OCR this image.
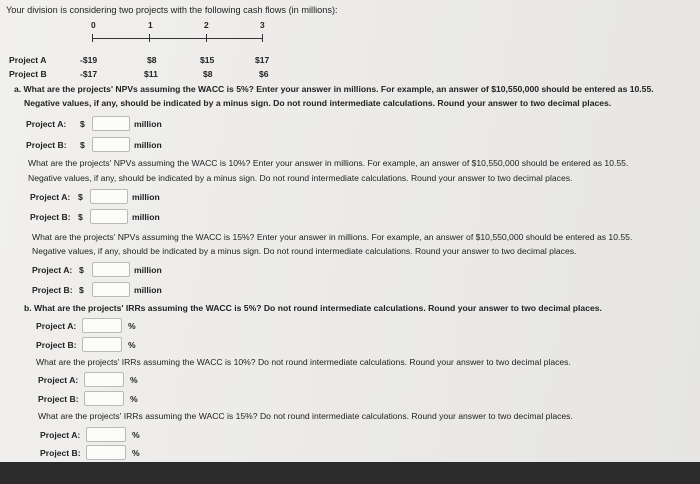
Your division is considering two projects with the following cash flows (in millions):
0	1	2	3
Project A	-$19	$8	$15	$17
Project B	-$17	$11	$8	$6
a. What are the projects' NPVs assuming the WACC is 5%? Enter your answer in millions. For example, an answer of $10,550,000 should be entered as 10.55.
Negative values, if any, should be indicated by a minus sign. Do not round intermediate calculations. Round your answer to two decimal places.
Project A: $	million
Project B: $	million
What are the projects' NPVs assuming the WACC is 10%? Enter your answer in millions. For example, an answer of $10,550,000 should be entered as 10.55.
Negative values, if any, should be indicated by a minus sign. Do not round intermediate calculations. Round your answer to two decimal places.
Project A: $	million
Project B: $	million
What are the projects' NPVs assuming the WACC is 15%? Enter your answer in millions. For example, an answer of $10,550,000 should be entered as 10.55.
Negative values, if any, should be indicated by a minus sign. Do not round intermediate calculations. Round your answer to two decimal places.
Project A: $	million
Project B: $	million
b. What are the projects' IRRs assuming the WACC is 5%? Do not round intermediate calculations. Round your answer to two decimal places.
Project A:	%
Project B:	%
What are the projects' IRRs assuming the WACC is 10%? Do not round intermediate calculations. Round your answer to two decimal places.
Project A:	%
Project B:	%
What are the projects' IRRs assuming the WACC is 15%? Do not round intermediate calculations. Round your answer to two decimal places.
Project A:	%
Project B:	%
